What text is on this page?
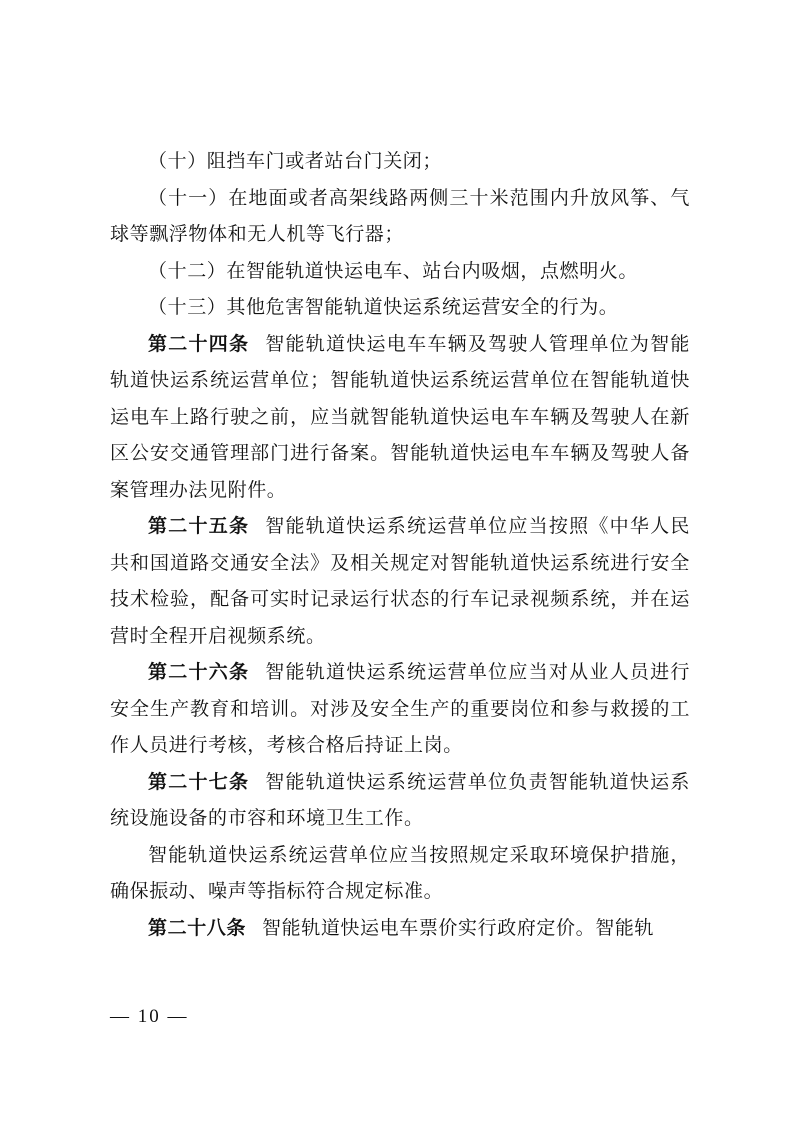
（十）阻挡车门或者站台门关闭；

（十一）在地面或者高架线路两侧三十米范围内升放风筝、气球等飘浮物体和无人机等飞行器；

（十二）在智能轨道快运电车、站台内吸烟，点燃明火。

（十三）其他危害智能轨道快运系统运营安全的行为。

第二十四条 智能轨道快运电车车辆及驾驶人管理单位为智能轨道快运系统运营单位；智能轨道快运系统运营单位在智能轨道快运电车上路行驶之前，应当就智能轨道快运电车车辆及驾驶人在新区公安交通管理部门进行备案。智能轨道快运电车车辆及驾驶人备案管理办法见附件。

第二十五条 智能轨道快运系统运营单位应当按照《中华人民共和国道路交通安全法》及相关规定对智能轨道快运系统进行安全技术检验，配备可实时记录运行状态的行车记录视频系统，并在运营时全程开启视频系统。

第二十六条 智能轨道快运系统运营单位应当对从业人员进行安全生产教育和培训。对涉及安全生产的重要岗位和参与救援的工作人员进行考核，考核合格后持证上岗。

第二十七条 智能轨道快运系统运营单位负责智能轨道快运系统设施设备的市容和环境卫生工作。

智能轨道快运系统运营单位应当按照规定采取环境保护措施，确保振动、噪声等指标符合规定标准。

第二十八条 智能轨道快运电车票价实行政府定价。智能轨

— 10 —
